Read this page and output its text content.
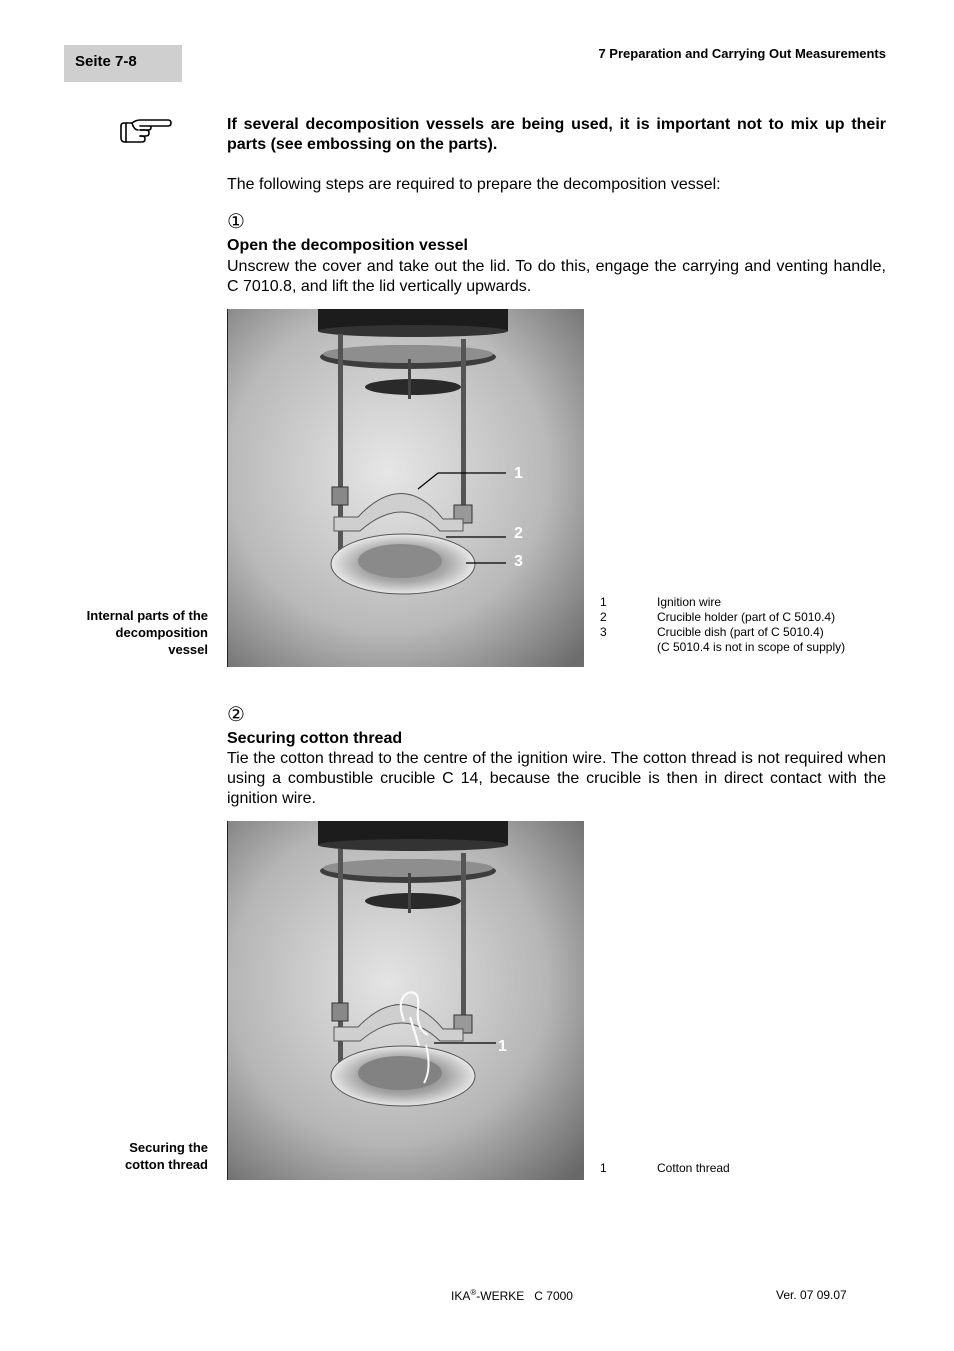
Seite 7-8	7 Preparation and Carrying Out Measurements
If several decomposition vessels are being used, it is important not to mix up their parts (see embossing on the parts).
The following steps are required to prepare the decomposition vessel:
①
Open the decomposition vessel
Unscrew the cover and take out the lid. To do this, engage the carrying and venting handle, C 7010.8, and lift the lid vertically upwards.
1
2
3
Internal parts of the
decomposition
vessel
1	Ignition wire
2	Crucible holder (part of C 5010.4)
3	Crucible dish (part of C 5010.4)
(C 5010.4 is not in scope of supply)
②
Securing cotton thread
Tie the cotton thread to the centre of the ignition wire. The cotton thread is not required when using a combustible crucible C 14, because the crucible is then in direct contact with the ignition wire.
1
Securing the
cotton thread	1	Cotton thread
IKA®-WERKE C 7000	Ver. 07 09.07
